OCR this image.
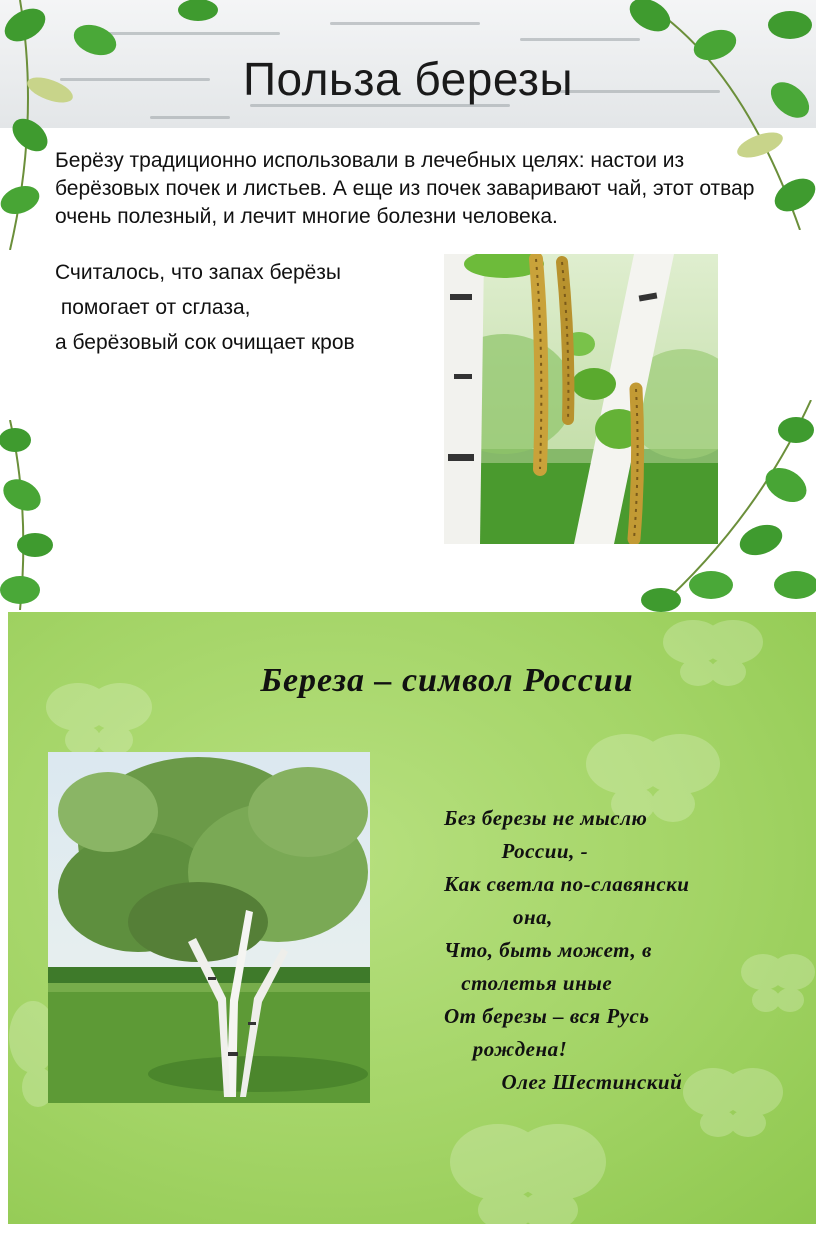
Польза березы
Берёзу традиционно использовали в лечебных целях: настои из берёзовых почек и листьев. А еще из почек заваривают чай, этот отвар очень полезный, и лечит многие болезни человека.
Считалось, что запах берёзы
помогает от сглаза,
а берёзовый сок очищает кров
Береза – символ России
Без березы не мыслю
России, -
Как светла по-славянски
она,
Что, быть может, в
столетья иные
От березы – вся Русь
рождена!
Олег Шестинский
